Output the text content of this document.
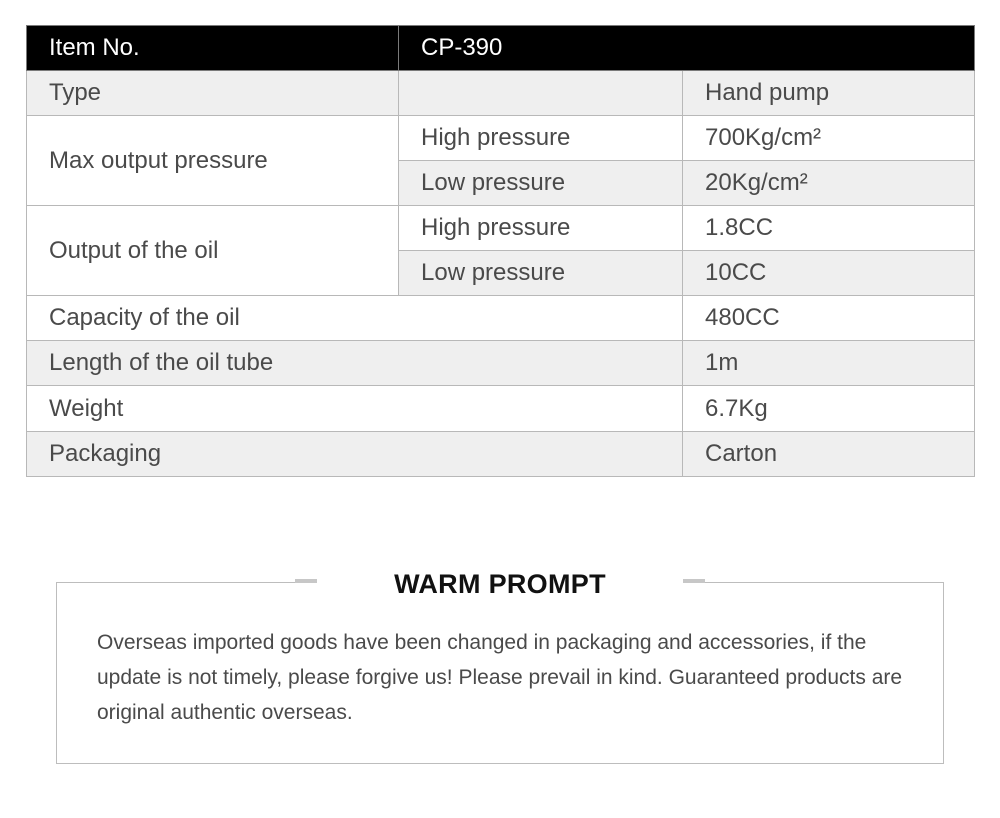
Item No.	CP-390	
Type		Hand pump
Max output pressure	High pressure	700Kg/cm²
	Low pressure	20Kg/cm²
Output of the oil	High pressure	1.8CC
	Low pressure	10CC
Capacity of the oil		480CC
Length of the oil tube		1m
Weight		6.7Kg
Packaging		Carton
WARM PROMPT
Overseas imported goods have been changed in packaging and accessories, if the update is not timely, please forgive us! Please prevail in kind. Guaranteed products are original authentic overseas.
